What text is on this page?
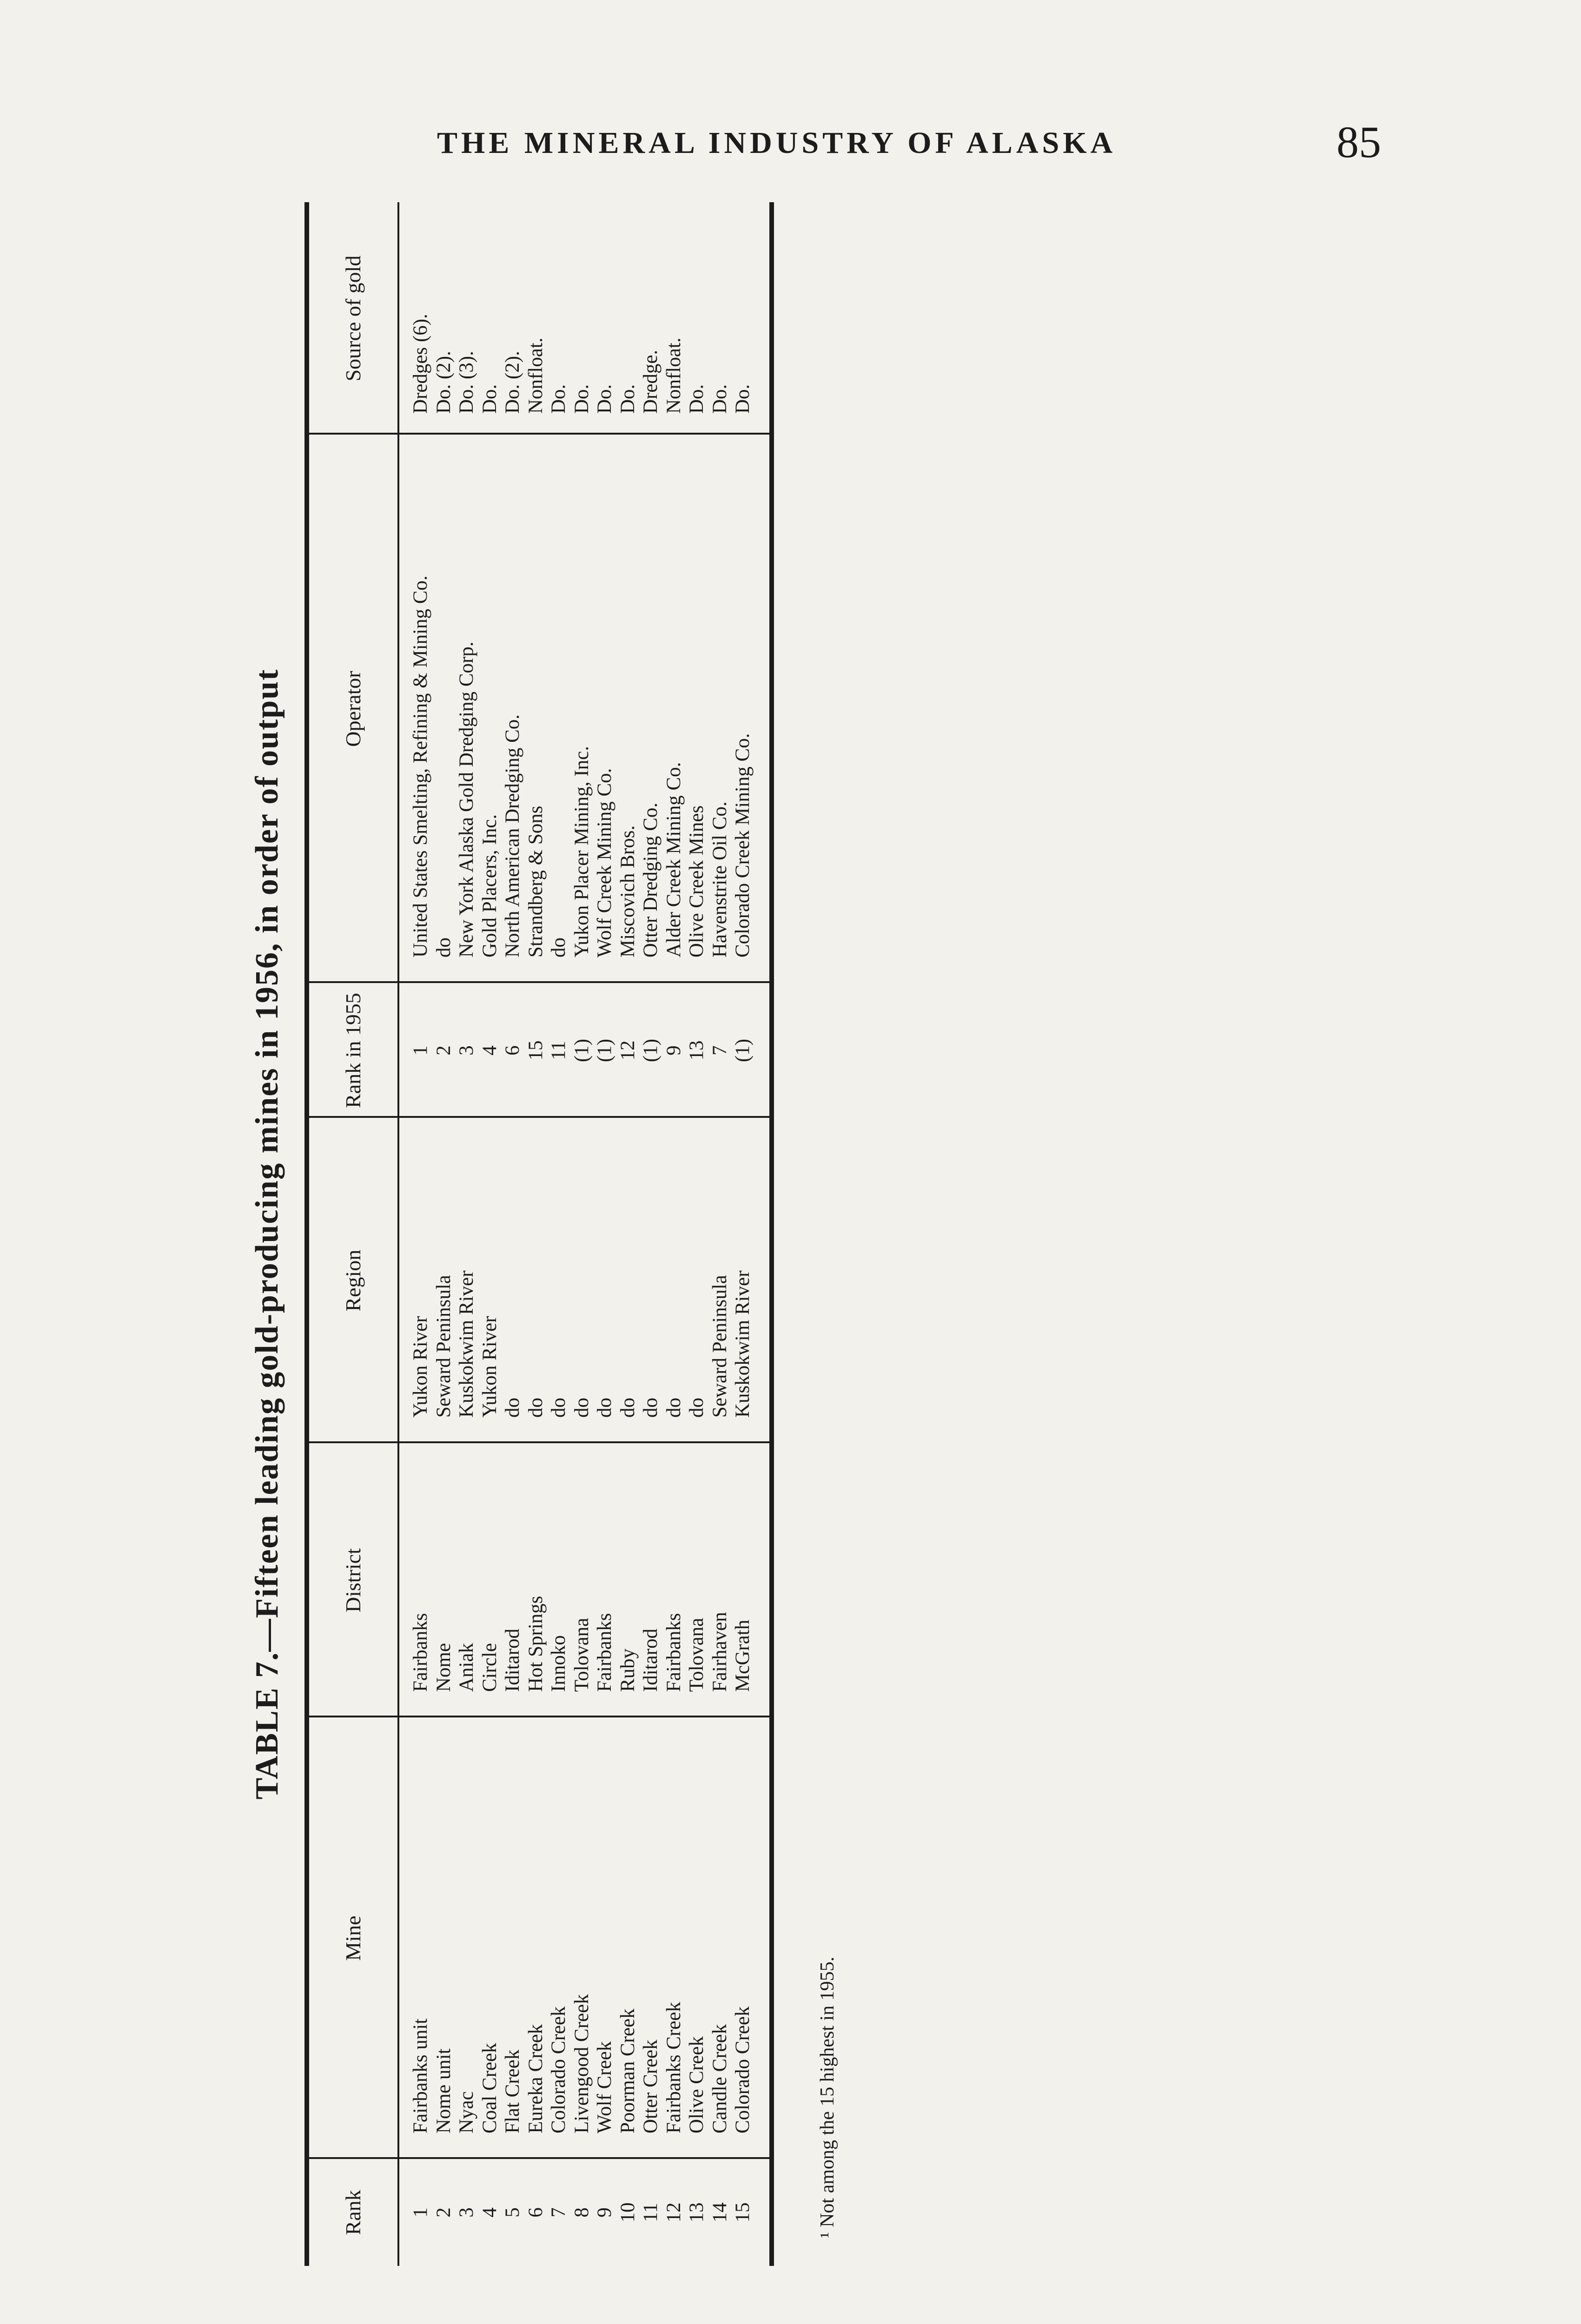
THE MINERAL INDUSTRY OF ALASKA	85
TABLE 7.—Fifteen leading gold-producing mines in 1956, in order of output
Rank
Mine
District
Region
Rank in 1955
Operator
Source of gold
1
Fairbanks unit
Fairbanks
Yukon River
1
United States Smelting, Refining & Mining Co.
Dredges (6).
2
Nome unit
Nome
Seward Peninsula
2
do
Do. (2).
3
Nyac
Aniak
Kuskokwim River
3
New York Alaska Gold Dredging Corp.
Do. (3).
4
Coal Creek
Circle
Yukon River
4
Gold Placers, Inc.
Do.
5
Flat Creek
Iditarod
do
6
North American Dredging Co.
Do. (2).
6
Eureka Creek
Hot Springs
do
15
Strandberg & Sons
Nonfloat.
7
Colorado Creek
Innoko
do
11
do
Do.
8
Livengood Creek
Tolovana
do
(1)
Yukon Placer Mining, Inc.
Do.
9
Wolf Creek
Fairbanks
do
(1)
Wolf Creek Mining Co.
Do.
10
Poorman Creek
Ruby
do
12
Miscovich Bros.
Do.
11
Otter Creek
Iditarod
do
(1)
Otter Dredging Co.
Dredge.
12
Fairbanks Creek
Fairbanks
do
9
Alder Creek Mining Co.
Nonfloat.
13
Olive Creek
Tolovana
do
13
Olive Creek Mines
Do.
14
Candle Creek
Fairhaven
Seward Peninsula
7
Havenstrite Oil Co.
Do.
15
Colorado Creek
McGrath
Kuskokwim River
(1)
Colorado Creek Mining Co.
Do.
¹ Not among the 15 highest in 1955.
